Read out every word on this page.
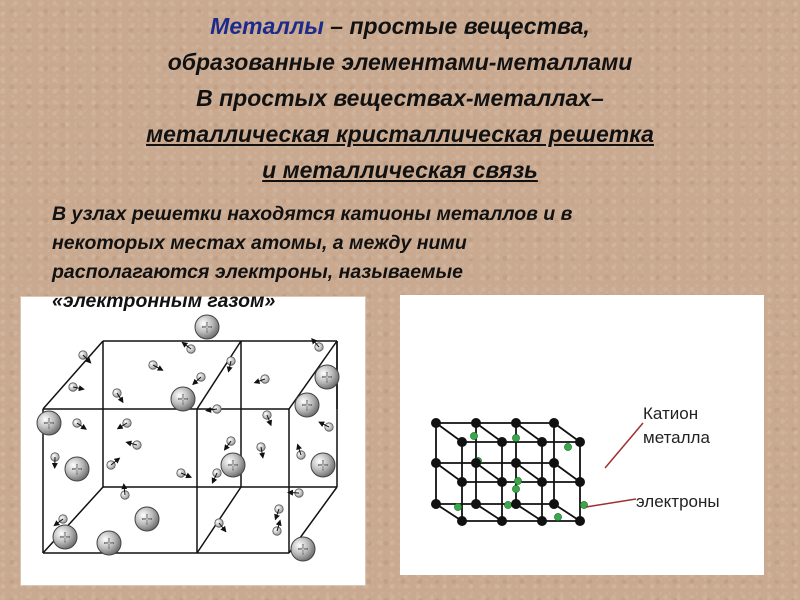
Металлы – простые вещества,
образованные элементами-металлами
В простых веществах-металлах–
металлическая кристаллическая решетка
и металлическая связь
+
+
+
+
+
+
+
+
+
+
+
+
Катион
металла
электроны
В узлах решетки находятся катионы металлов и в
некоторых местах атомы, а между ними
располагаются электроны, называемые
«электронным газом»
